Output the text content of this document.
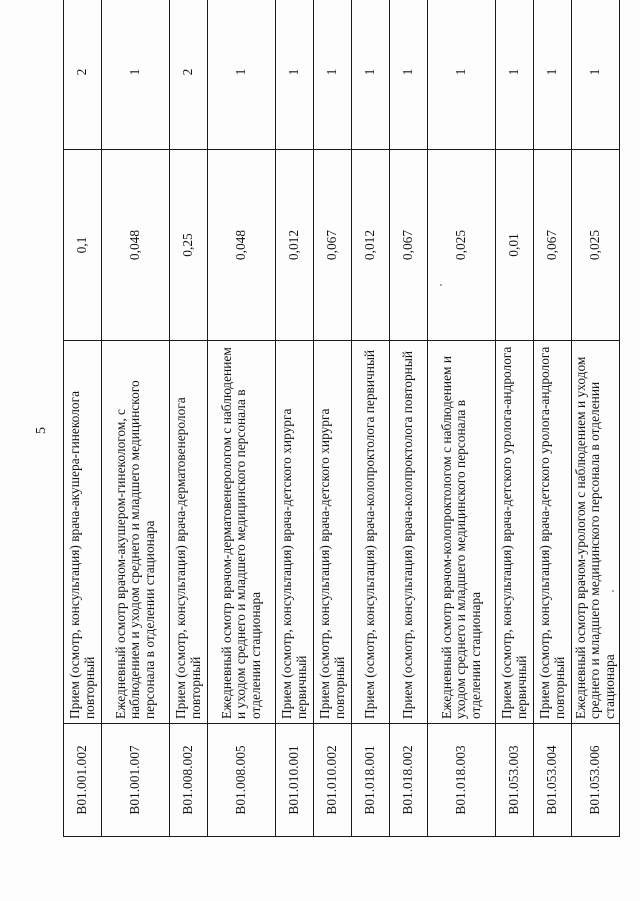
5
B01.001.002	Прием (осмотр, консультация) врача-акушера-гинеколога повторный	0,1	2
B01.001.007	Ежедневный осмотр врачом-акушером-гинекологом, с наблюдением и уходом среднего и младшего медицинского персонала в отделении стационара	0,048	1
B01.008.002	Прием (осмотр, консультация) врача-дерматовенеролога повторный	0,25	2
B01.008.005	Ежедневный осмотр врачом-дерматовенерологом с наблюдением и уходом среднего и младшего медицинского персонала в отделении стационара	0,048	1
B01.010.001	Прием (осмотр, консультация) врача-детского хирурга первичный	0,012	1
B01.010.002	Прием (осмотр, консультация) врача-детского хирурга повторный	0,067	1
B01.018.001	Прием (осмотр, консультация) врача-колопроктолога первичный	0,012	1
B01.018.002	Прием (осмотр, консультация) врача-колопроктолога повторный	0,067	1
B01.018.003	Ежедневный осмотр врачом-колопроктологом с наблюдением и уходом среднего и младшего медицинского персонала в отделении стационара	0,025	1
B01.053.003	Прием (осмотр, консультация) врача-детского уролога-андролога первичный	0,01	1
B01.053.004	Прием (осмотр, консультация) врача-детского уролога-андролога повторный	0,067	1
B01.053.006	Ежедневный осмотр врачом-урологом с наблюдением и уходом среднего и младшего медицинского персонала в отделении стационара	0,025	1
